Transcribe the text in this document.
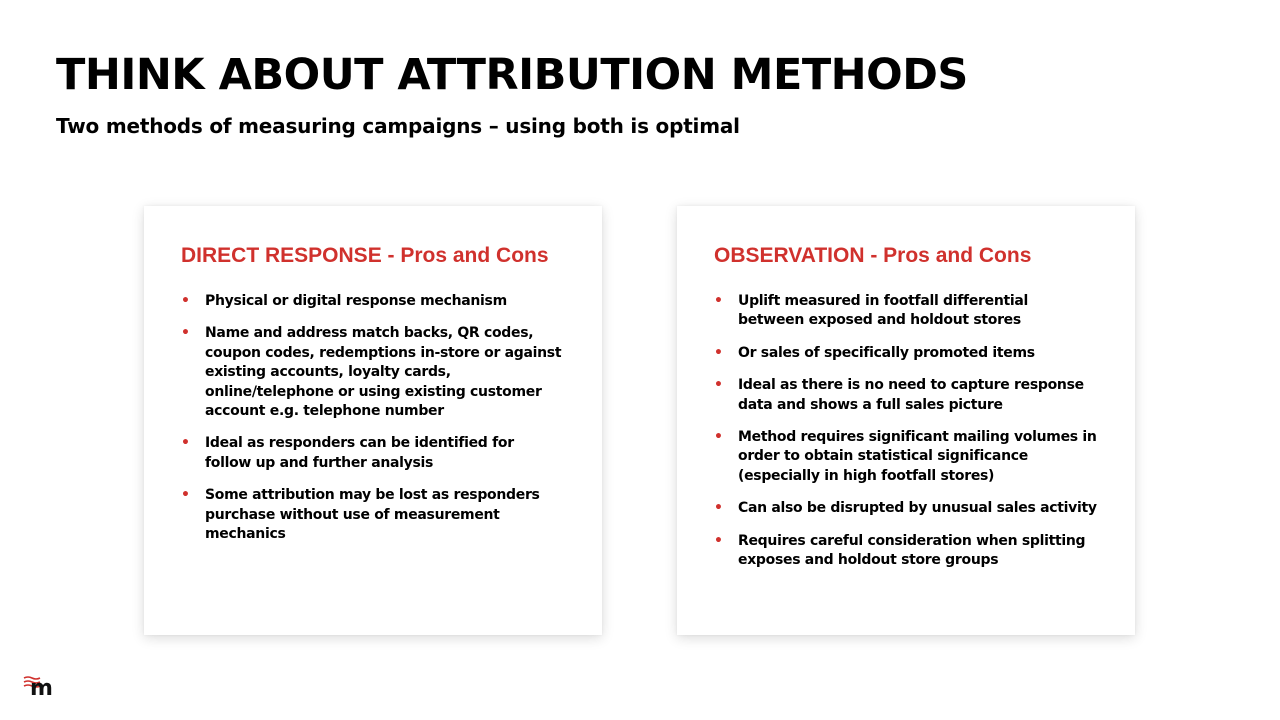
THINK ABOUT ATTRIBUTION METHODS
Two methods of measuring campaigns – using both is optimal
DIRECT RESPONSE - Pros and Cons
• Physical or digital response mechanism
• Name and address match backs, QR codes, coupon codes, redemptions in-store or against existing accounts, loyalty cards, online/telephone or using existing customer account e.g. telephone number
• Ideal as responders can be identified for follow up and further analysis
• Some attribution may be lost as responders purchase without use of measurement mechanics
OBSERVATION - Pros and Cons
• Uplift measured in footfall differential between exposed and holdout stores
• Or sales of specifically promoted items
• Ideal as there is no need to capture response data and shows a full sales picture
• Method requires significant mailing volumes in order to obtain statistical significance (especially in high footfall stores)
• Can also be disrupted by unusual sales activity
• Requires careful consideration when splitting exposes and holdout store groups
m
